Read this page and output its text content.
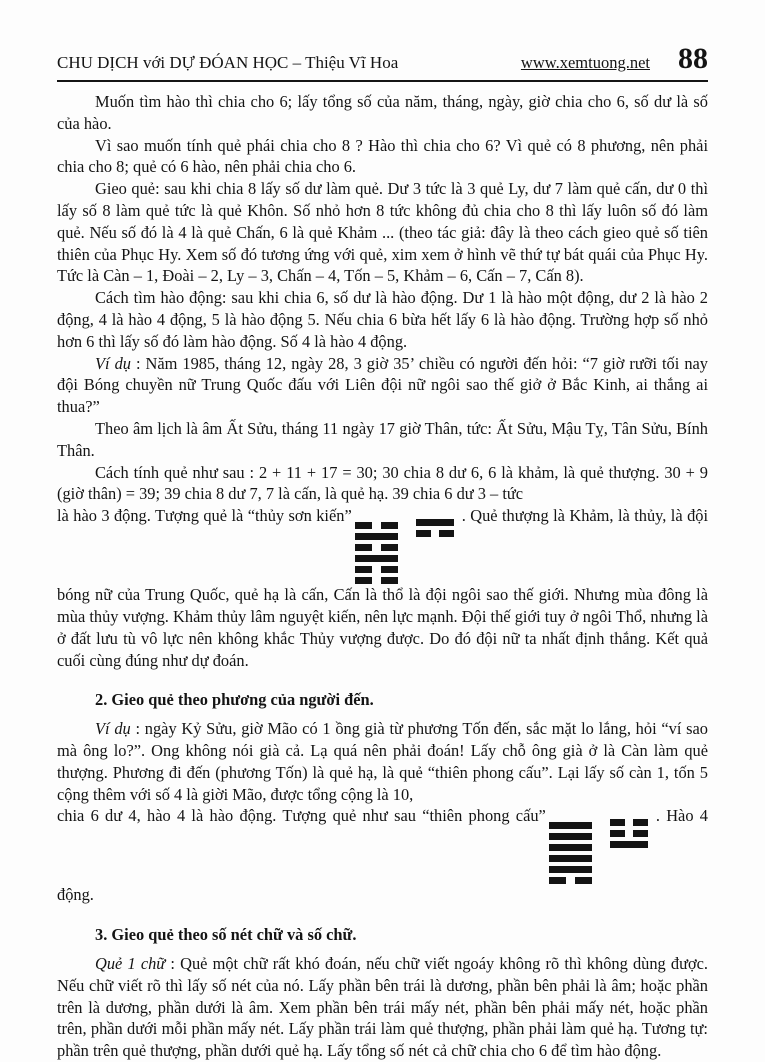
CHU DỊCH với DỰ ĐÓAN HỌC – Thiệu Vĩ Hoa	www.xemtuong.net 88

Muốn tìm hào thì chia cho 6; lấy tổng số của năm, tháng, ngày, giờ chia cho 6, số dư là số của hào.

Vì sao muốn tính quẻ phái chia cho 8 ? Hào thì chia cho 6? Vì quẻ có 8 phương, nên phải chia cho 8; quẻ có 6 hào, nên phải chia cho 6.

Gieo quẻ: sau khi chia 8 lấy số dư làm quẻ. Dư 3 tức là 3 quẻ Ly, dư 7 làm quẻ cấn, dư 0 thì lấy số 8 làm quẻ tức là quẻ Khôn. Số nhỏ hơn 8 tức không đủ chia cho 8 thì lấy luôn số đó làm quẻ. Nếu số đó là 4 là quẻ Chấn, 6 là quẻ Khảm ... (theo tác giả: đây là theo cách gieo quẻ số tiên thiên của Phục Hy. Xem số đó tương ứng với quẻ, xim xem ở hình vẽ thứ tự bát quái của Phục Hy. Tức là Càn – 1, Đoài – 2, Ly – 3, Chấn – 4, Tốn – 5, Khảm – 6, Cấn – 7, Cấn 8).

Cách tìm hào động: sau khi chia 6, số dư là hào động. Dư 1 là hào một động, dư 2 là hào 2 động, 4 là hào 4 động, 5 là hào động 5. Nếu chia 6 bừa hết lấy 6 là hào động. Trường hợp số nhỏ hơn 6 thì lấy số đó làm hào động. Số 4 là hào 4 động.

Ví dụ : Năm 1985, tháng 12, ngày 28, 3 giờ 35’ chiều có người đến hỏi: “7 giờ rưỡi tối nay đội Bóng chuyền nữ Trung Quốc đấu với Liên đội nữ ngôi sao thế giở ở Bắc Kinh, ai thắng ai thua?”

Theo âm lịch là âm Ất Sửu, tháng 11 ngày 17 giờ Thân, tức: Ất Sửu, Mậu Tỵ, Tân Sửu, Bính Thân.

Cách tính quẻ như sau : 2 + 11 + 17 = 30; 30 chia 8 dư 6, 6 là khảm, là quẻ thượng. 30 + 9 (giờ thân) = 39; 39 chia 8 dư 7, 7 là cấn, là quẻ hạ. 39 chia 6 dư 3 – tức

là hào 3 động. Tượng quẻ là “thủy sơn kiến”	. Quẻ thượng là Khảm, là thủy, là đội bóng nữ của Trung Quốc, quẻ hạ là cấn, Cấn là thổ là đội ngôi sao thế giới. Nhưng mùa đông là mùa thủy vượng. Khảm thủy lâm nguyệt kiến, nên lực mạnh. Đội thế giới tuy ở ngôi Thổ, nhưng là ở đất lưu tù vô lực nên không khắc Thủy vượng được. Do đó đội nữ ta nhất định thắng. Kết quả cuối cùng đúng như dự đoán.

2. Gieo quẻ theo phương của người đến.

Ví dụ : ngày Kỷ Sửu, giờ Mão có 1 ồng già từ phương Tốn đến, sắc mặt lo lắng, hỏi “ví sao mà ông lo?”. Ong không nói già cả. Lạ quá nên phải đoán! Lấy chỗ ông già ở là Càn làm quẻ thượng. Phương đi đến (phương Tốn) là quẻ hạ, là quẻ “thiên phong cấu”. Lại lấy số càn 1, tốn 5 cộng thêm với số 4 là giời Mão, được tổng cộng là 10,

chia 6 dư 4, hào 4 là hào động. Tượng quẻ như sau “thiên phong cấu”	. Hào 4 động.

3. Gieo quẻ theo số nét chữ và số chữ.

Quẻ 1 chữ : Quẻ một chữ rất khó đoán, nếu chữ viết ngoáy không rõ thì không dùng được. Nếu chữ viết rõ thì lấy số nét của nó. Lấy phần bên trái là dương, phần bên phải là âm; hoặc phần trên là dương, phần dưới là âm. Xem phần bên trái mấy nét, phần bên phải mấy nét, hoặc phần trên, phần dưới mỗi phần mấy nét. Lấy phần trái làm quẻ thượng, phần phải làm quẻ hạ. Tương tự: phần trên quẻ thượng, phần dưới quẻ hạ. Lấy tổng số nét cả chữ chia cho 6 để tìm hào động.
